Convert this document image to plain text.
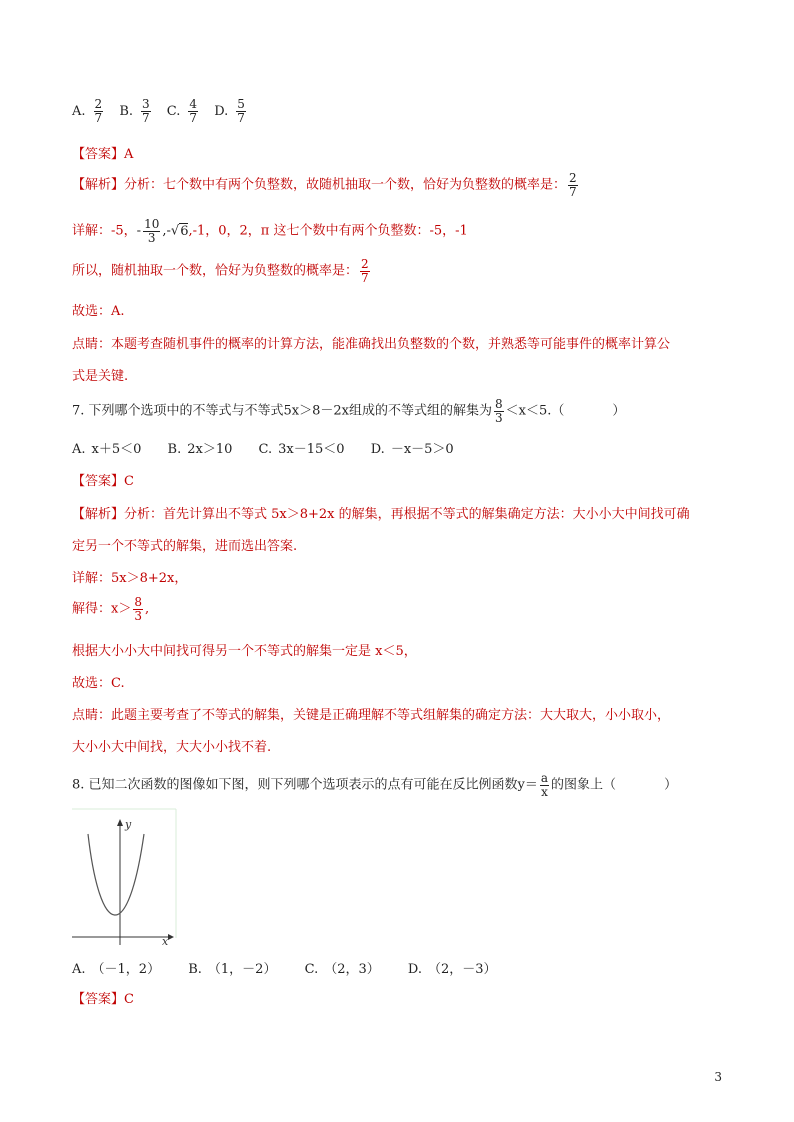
A. $\frac{2}{7} B$. $\frac{3}{7} C$. $\frac{4}{7} D$. $\frac{5}{7}$
【答案】A
【解析】分析：七个数中有两个负整数，故随机抽取一个数，恰好为负整数的概率是： $\frac{2}{7}$
详解：-5，- $\frac{10}{3} ,-√6,-1$，0，2，π 这七个数中有两个负整数：-5，-1
所以，随机抽取一个数，恰好为负整数的概率是： $\frac{2}{7}$
故选：A.
点睛：本题考查随机事件的概率的计算方法，能准确找出负整数的个数，并熟悉等可能事件的概率计算公
式是关键.
7. 下列哪个选项中的不等式与不等式5x＞8－2x组成的不等式组的解集为 $\frac{8}{3} <x<5$.（	）
A. x＋5＜0 B. 2x＞10 C. 3x－15＜0 D. －x－5＞0
【答案】C
【解析】分析：首先计算出不等式 5x＞8+2x 的解集，再根据不等式的解集确定方法：大小小大中间找可确
定另一个不等式的解集，进而选出答案.
详解：5x＞8+2x，
解得：$x> \frac{8}{3}$ ,
根据大小小大中间找可得另一个不等式的解集一定是 x＜5，
故选：C.
点睛：此题主要考查了不等式的解集，关键是正确理解不等式组解集的确定方法：大大取大，小小取小，
大小小大中间找，大大小小找不着.
8. 已知二次函数的图像如下图，则下列哪个选项表示的点有可能在反比例函数$y= \frac{a}{x}$ 的图象上（	）
y
x
A. （－1，2） B. （1，－2） C. （2，3） D. （2，－3）
【答案】C
3
